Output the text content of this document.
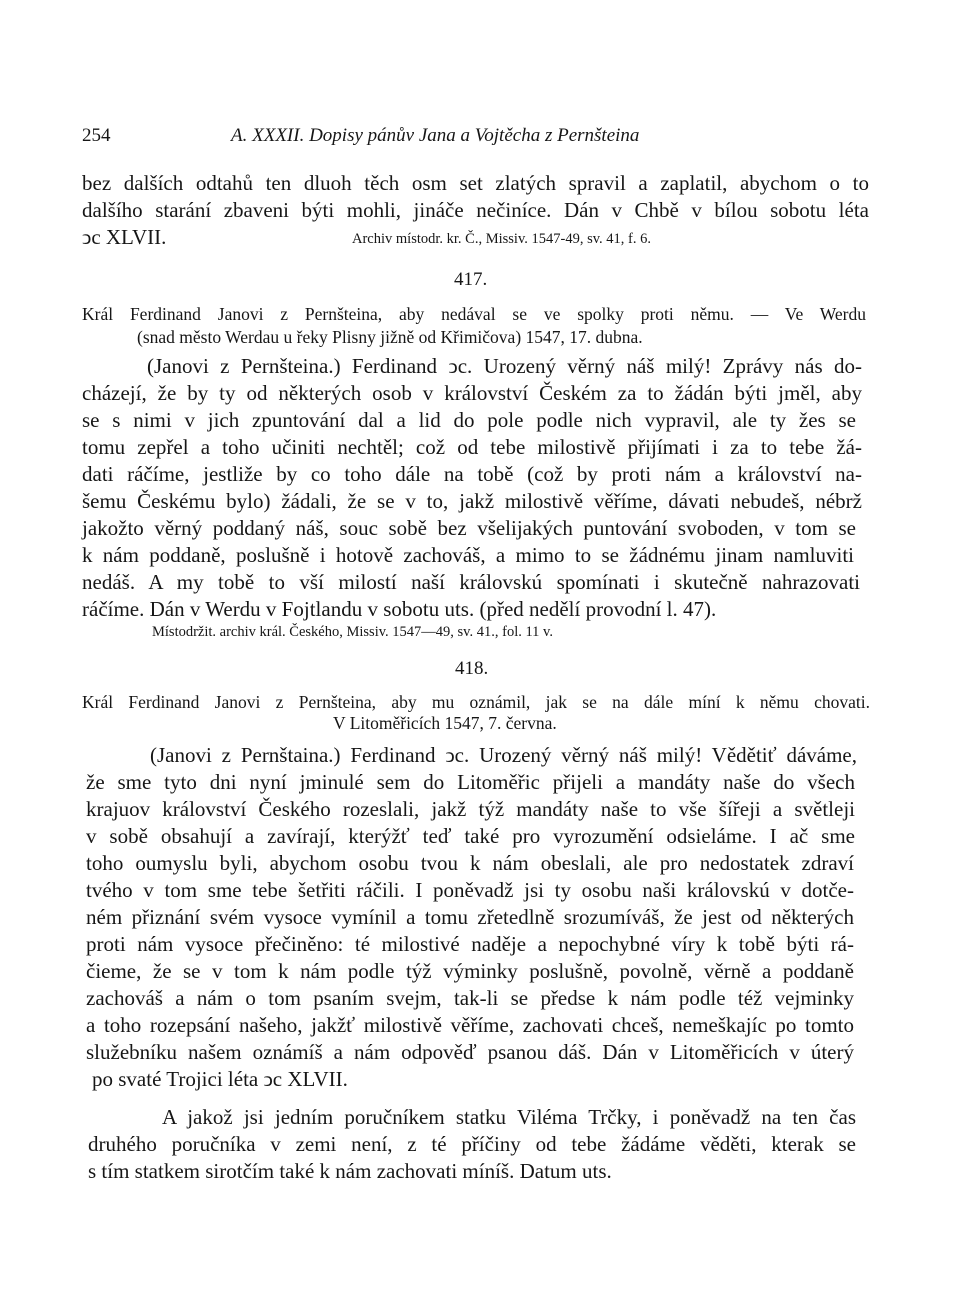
254	A. XXXII. Dopisy pánův Jana a Vojtěcha z Pernšteina
bez dalších odtahů ten dluoh těch osm set zlatých spravil a zaplatil, abychom o to
dalšího starání zbaveni býti mohli, jináče nečiníce. Dán v Chbě v bílou sobotu léta
ↄc XLVII.	Archiv místodr. kr. Č., Missiv. 1547-49, sv. 41, f. 6.
417.
Král Ferdinand Janovi z Pernšteina, aby nedával se ve spolky proti němu. — Ve Werdu
(snad město Werdau u řeky Plisny jižně od Křimičova) 1547, 17. dubna.
(Janovi z Pernšteina.) Ferdinand ↄc. Urozený věrný náš milý! Zprávy nás do-
cházejí, že by ty od některých osob v království Českém za to žádán býti jměl, aby
se s nimi v jich zpuntování dal a lid do pole podle nich vypravil, ale ty žes se
tomu zepřel a toho učiniti nechtěl; což od tebe milostivě přijímati i za to tebe žá-
dati ráčíme, jestliže by co toho dále na tobě (což by proti nám a království na-
šemu Českému bylo) žádali, že se v to, jakž milostivě věříme, dávati nebudeš, nébrž
jakožto věrný poddaný náš, souc sobě bez všelijakých puntování svoboden, v tom se
k nám poddaně, poslušně i hotově zachováš, a mimo to se žádnému jinam namluviti
nedáš. A my tobě to vší milostí naší královskú spomínati i skutečně nahrazovati
ráčíme. Dán v Werdu v Fojtlandu v sobotu uts. (před nedělí provodní l. 47).
Místodržit. archiv král. Českého, Missiv. 1547—49, sv. 41., fol. 11 v.
418.
Král Ferdinand Janovi z Pernšteina, aby mu oznámil, jak se na dále míní k němu chovati.
V Litoměřicích 1547, 7. června.
(Janovi z Pernštaina.) Ferdinand ↄc. Urozený věrný náš milý! Vědětiť dáváme,
že sme tyto dni nyní jminulé sem do Litoměřic přijeli a mandáty naše do všech
krajuov království Českého rozeslali, jakž týž mandáty naše to vše šířeji a světleji
v sobě obsahují a zavírají, kterýžť teď také pro vyrozumění odsieláme. I ač sme
toho oumyslu byli, abychom osobu tvou k nám obeslali, ale pro nedostatek zdraví
tvého v tom sme tebe šetřiti ráčili. I poněvadž jsi ty osobu naši královskú v dotče-
ném přiznání svém vysoce vymínil a tomu zřetedlně srozumíváš, že jest od některých
proti nám vysoce přečiněno: té milostivé naděje a nepochybné víry k tobě býti rá-
čieme, že se v tom k nám podle týž výminky poslušně, povolně, věrně a poddaně
zachováš a nám o tom psaním svejm, tak-li se předse k nám podle též vejminky
a toho rozepsání našeho, jakžť milostivě věříme, zachovati chceš, nemeškajíc po tomto
služebníku našem oznámíš a nám odpověď psanou dáš. Dán v Litoměřicích v úterý
po svaté Trojici léta ↄc XLVII.
A jakož jsi jedním poručníkem statku Viléma Trčky, i poněvadž na ten čas
druhého poručníka v zemi není, z té příčiny od tebe žádáme věděti, kterak se
s tím statkem sirotčím také k nám zachovati míníš. Datum uts.
